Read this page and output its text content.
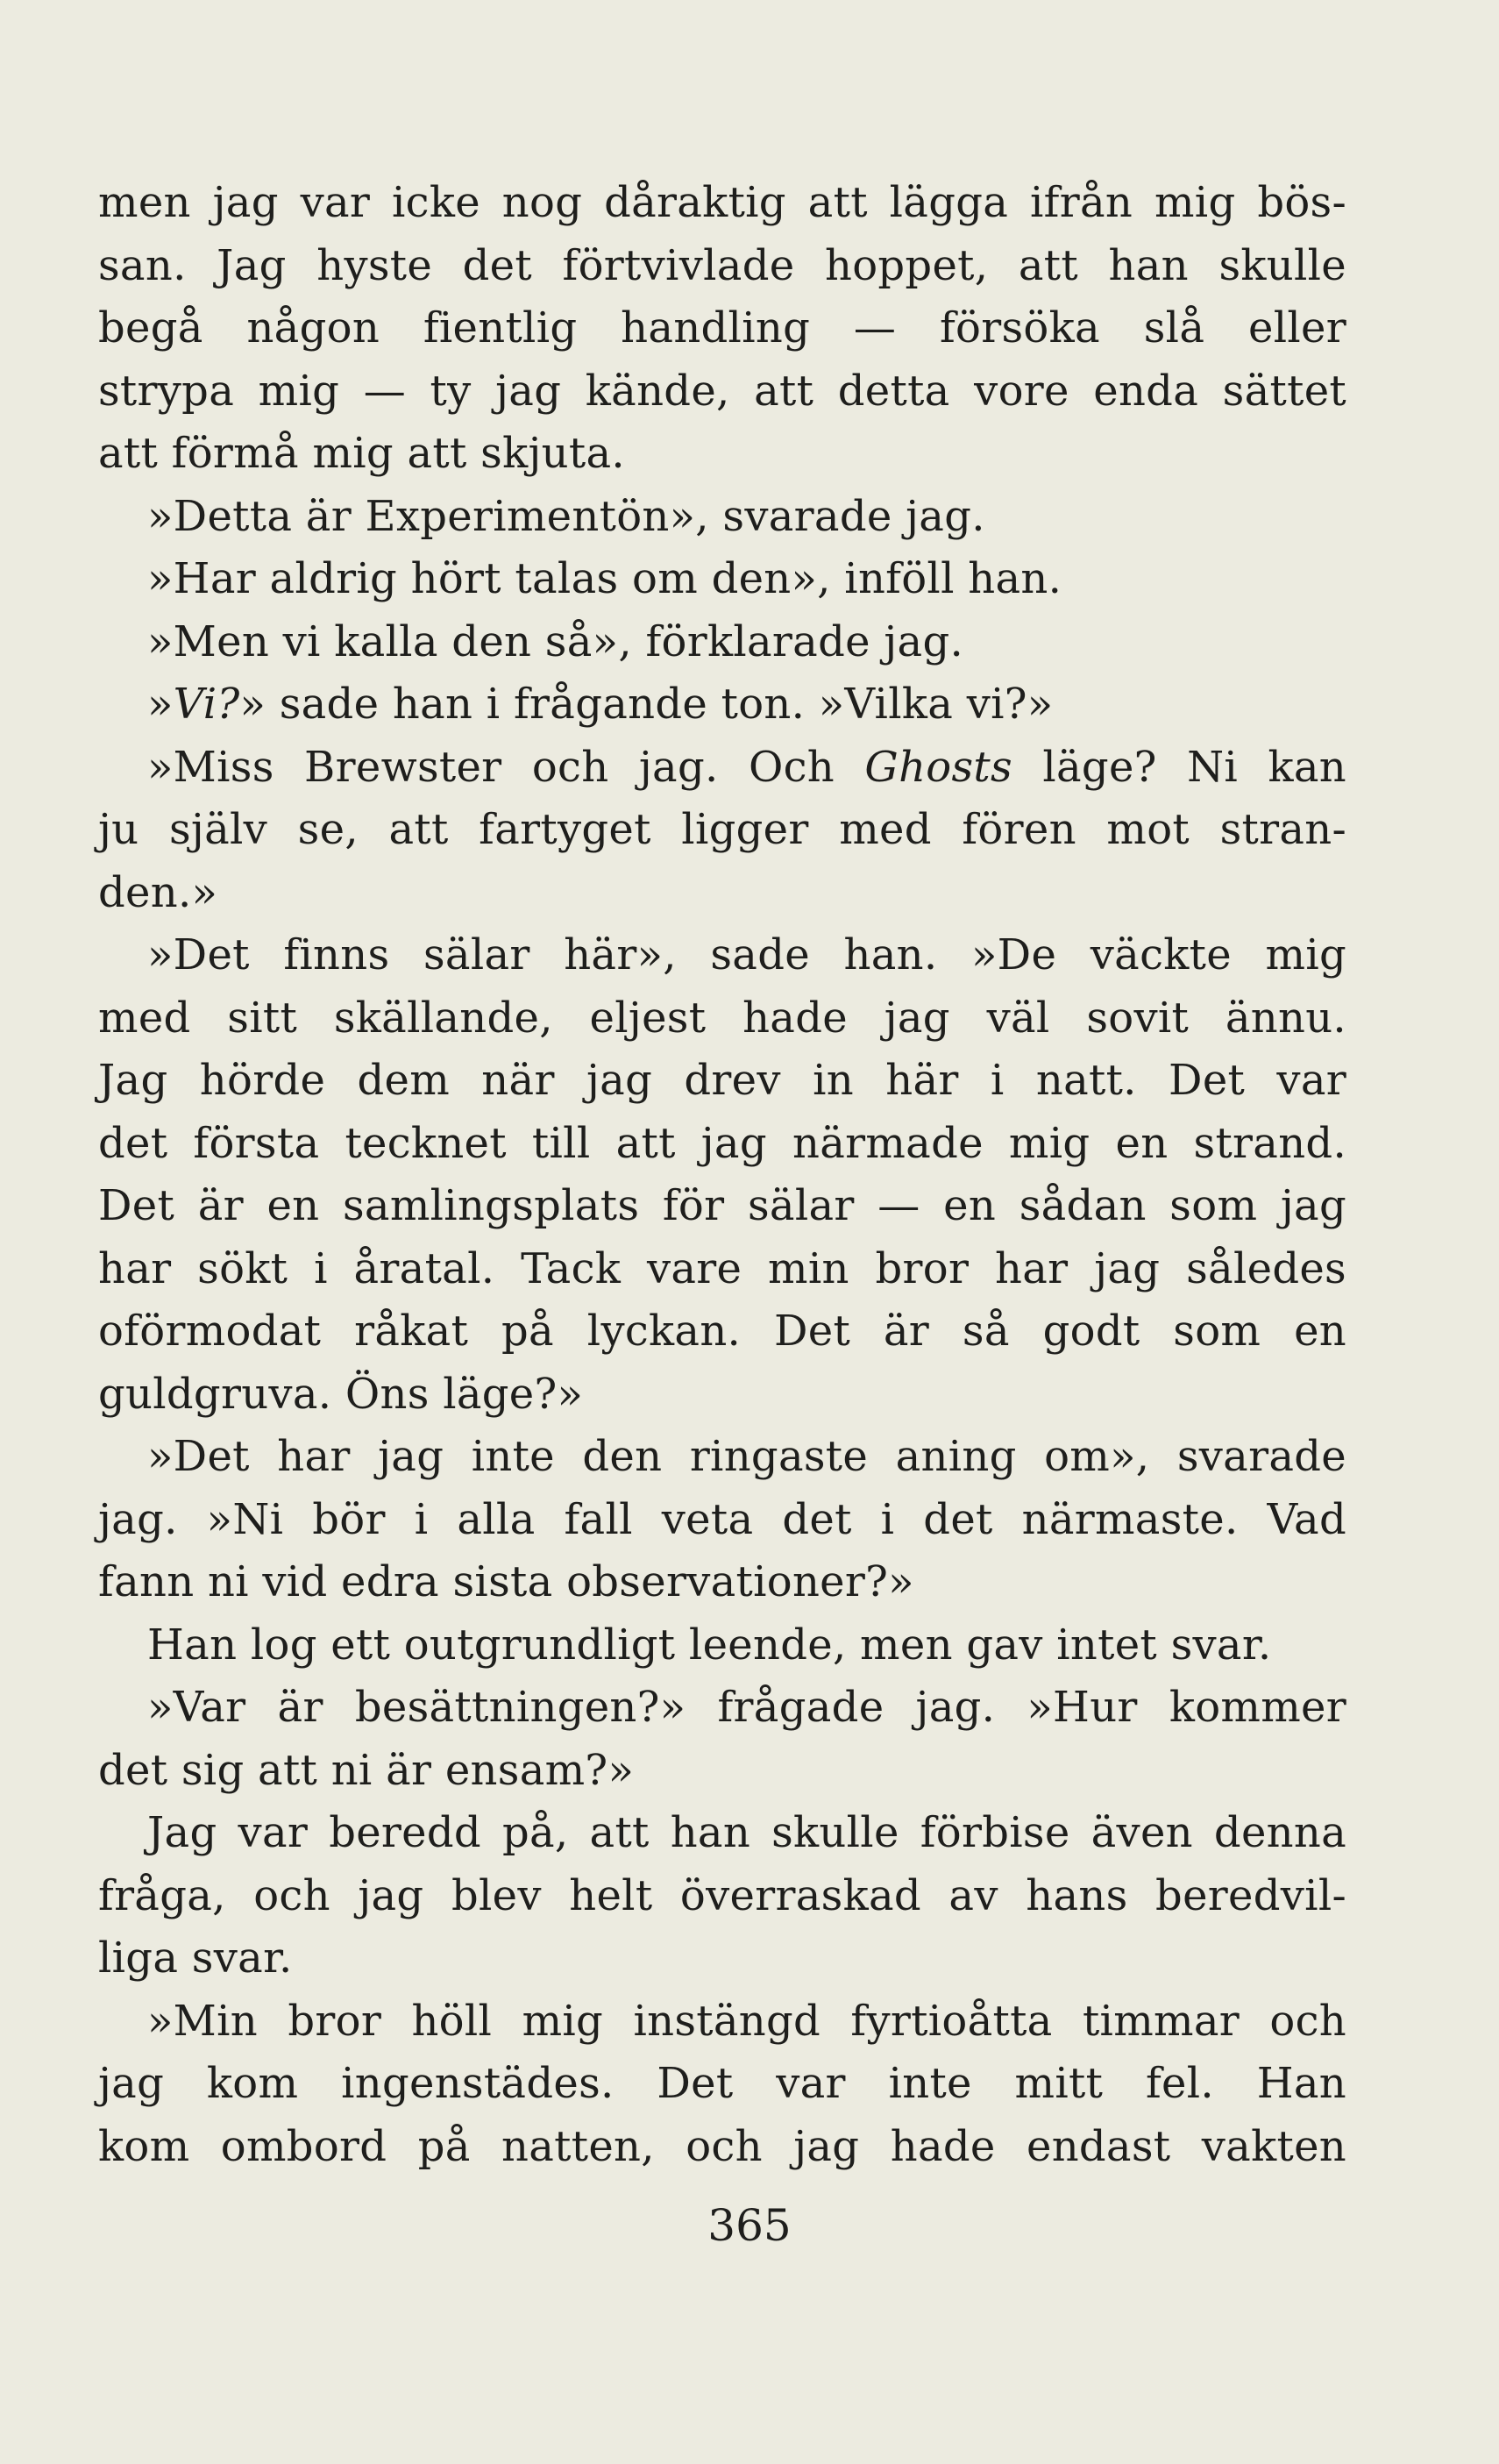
men jag var icke nog dåraktig att lägga ifrån mig bös-
san. Jag hyste det förtvivlade hoppet, att han skulle
begå någon fientlig handling — försöka slå eller
strypa mig — ty jag kände, att detta vore enda sättet
att förmå mig att skjuta.
»Detta är Experimentön», svarade jag.
»Har aldrig hört talas om den», inföll han.
»Men vi kalla den så», förklarade jag.
»Vi?» sade han i frågande ton. »Vilka vi?»
»Miss Brewster och jag. Och Ghosts läge? Ni kan
ju själv se, att fartyget ligger med fören mot stran-
den.»
»Det finns sälar här», sade han. »De väckte mig
med sitt skällande, eljest hade jag väl sovit ännu.
Jag hörde dem när jag drev in här i natt. Det var
det första tecknet till att jag närmade mig en strand.
Det är en samlingsplats för sälar — en sådan som jag
har sökt i åratal. Tack vare min bror har jag således
oförmodat råkat på lyckan. Det är så godt som en
guldgruva. Öns läge?»
»Det har jag inte den ringaste aning om», svarade
jag. »Ni bör i alla fall veta det i det närmaste. Vad
fann ni vid edra sista observationer?»
Han log ett outgrundligt leende, men gav intet svar.
»Var är besättningen?» frågade jag. »Hur kommer
det sig att ni är ensam?»
Jag var beredd på, att han skulle förbise även denna
fråga, och jag blev helt överraskad av hans beredvil-
liga svar.
»Min bror höll mig instängd fyrtioåtta timmar och
jag kom ingenstädes. Det var inte mitt fel. Han
kom ombord på natten, och jag hade endast vakten
365
